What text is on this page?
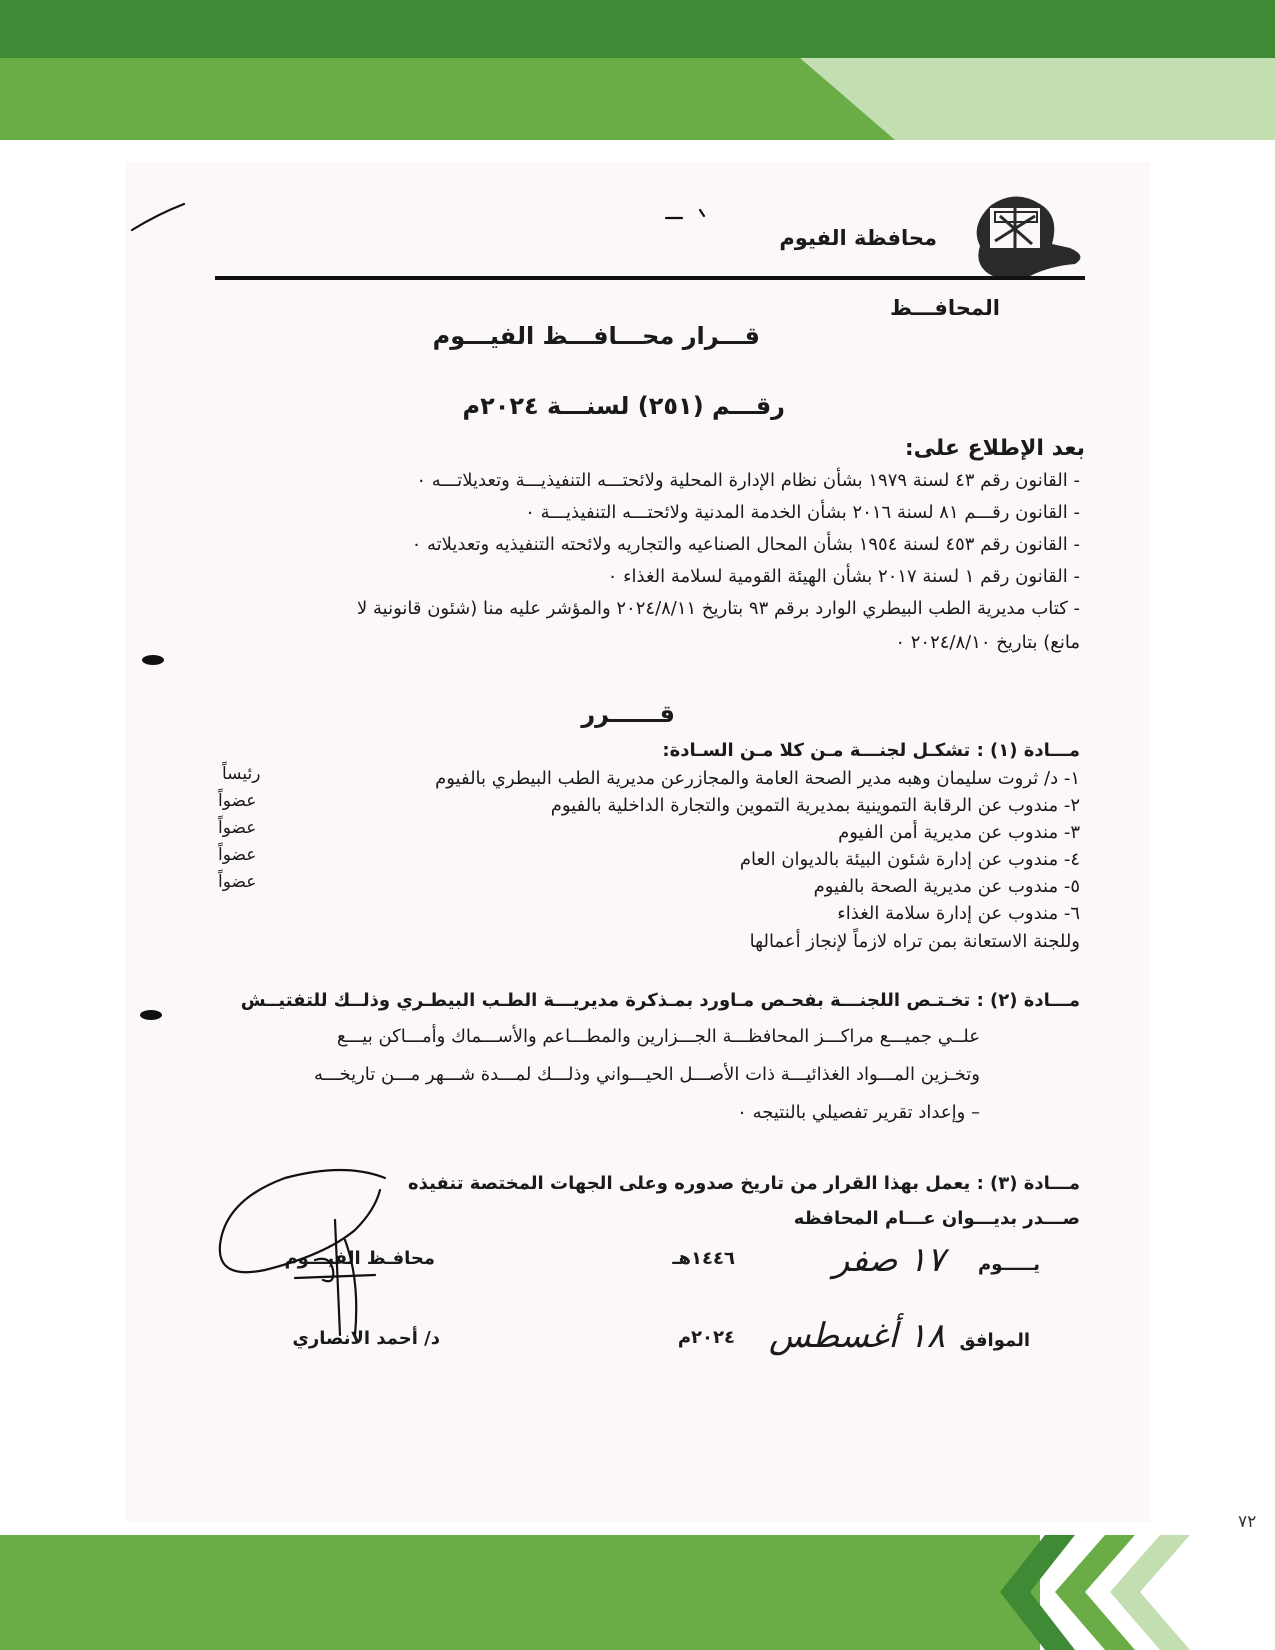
محافظة الفيوم
المحافـــظ
قـــرار محـــافـــظ الفيـــوم
رقـــم (٢٥١) لسنـــة ٢٠٢٤م
بعد الإطلاع على:
- القانون رقم ٤٣ لسنة ١٩٧٩ بشأن نظام الإدارة المحلية ولائحتـــه التنفيذيـــة وتعديلاتـــه ٠
- القانون رقـــم ٨١ لسنة ٢٠١٦ بشأن الخدمة المدنية ولائحتـــه التنفيذيـــة ٠
- القانون رقم ٤٥٣ لسنة ١٩٥٤ بشأن المحال الصناعيه والتجاريه ولائحته التنفيذيه وتعديلاته ٠
- القانون رقم ١ لسنة ٢٠١٧ بشأن الهيئة القومية لسلامة الغذاء ٠
- كتاب مديرية الطب البيطري الوارد برقم ٩٣ بتاريخ ٢٠٢٤/٨/١١ والمؤشر عليه منا (شئون قانونية لا
مانع) بتاريخ ٢٠٢٤/٨/١٠ ٠
قــــــرر
مـــادة (١) : تشكـل لجنـــة مـن كلا مـن السـادة:
١- د/ ثروت سليمان وهبه مدير الصحة العامة والمجازرعن مديرية الطب البيطري بالفيوم
رئيساً
٢- مندوب عن الرقابة التموينية بمديرية التموين والتجارة الداخلية بالفيوم
عضواً
٣- مندوب عن مديرية أمن الفيوم
عضواً
٤- مندوب عن إدارة شئون البيئة بالديوان العام
عضواً
٥- مندوب عن مديرية الصحة بالفيوم
عضواً
٦- مندوب عن إدارة سلامة الغذاء
وللجنة الاستعانة بمن تراه لازماً لإنجاز أعمالها
مـــادة (٢) : تخـتـص اللجنـــة بفحـص مـاورد بمـذكرة مديريـــة الطـب البيطـري وذلــك للتفتيــش
علــي جميـــع مراكـــز المحافظـــة الجـــزارين والمطـــاعم والأســـماك وأمـــاكن بيـــع
وتخـزين المـــواد الغذائيـــة ذات الأصـــل الحيـــواني وذلـــك لمـــدة شـــهر مـــن تاريخـــه
– وإعداد تقرير تفصيلي بالنتيجه ٠
مـــادة (٣) : يعمل بهذا القرار من تاريخ صدوره وعلى الجهات المختصة تنفيذه
صـــدر بديـــوان عـــام المحافظه
يـــــوم
١٧ صفر
١٤٤٦هـ
الموافق
١٨ أغسطس
٢٠٢٤م
محافـظ الفيـــوم
د/ أحمد الانصاري
٧٢
